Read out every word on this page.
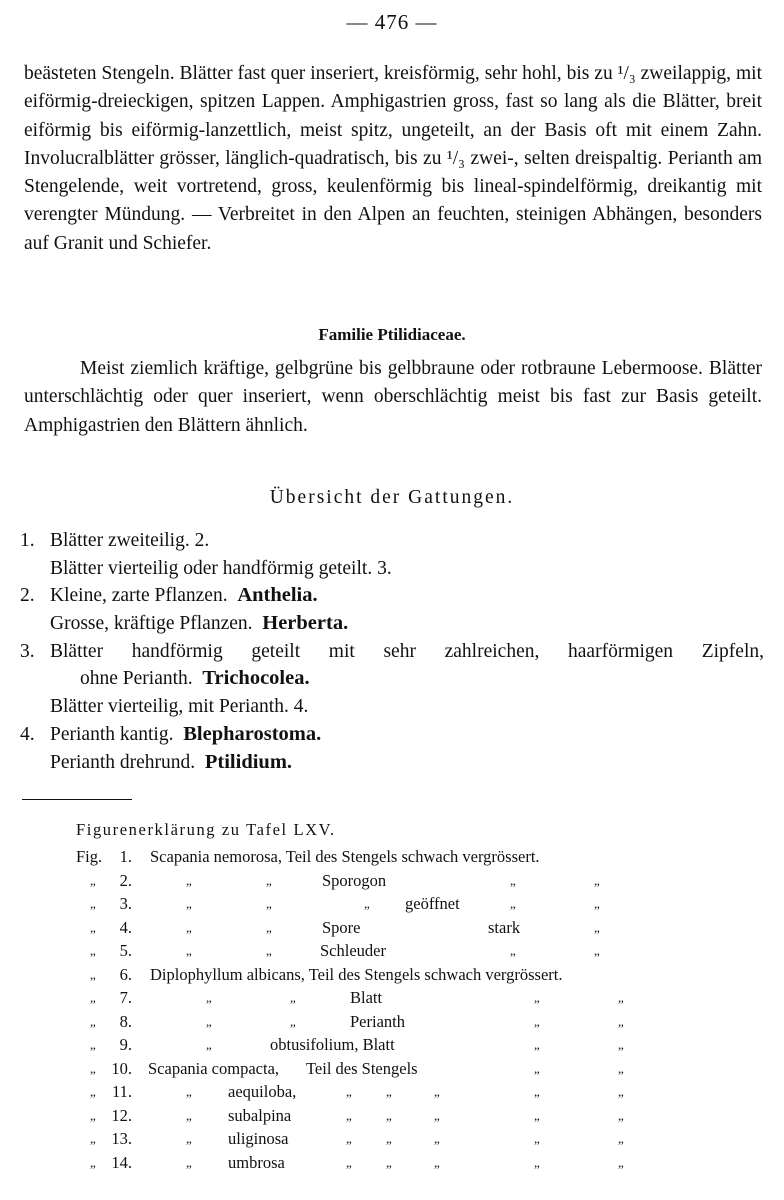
— 476 —

beästeten Stengeln. Blätter fast quer inseriert, kreisförmig, sehr hohl, bis zu ¹/₃ zweilappig, mit eiförmig-dreieckigen, spitzen Lappen. Amphigastrien gross, fast so lang als die Blätter, breit eiförmig bis eiförmig-lanzettlich, meist spitz, ungeteilt, an der Basis oft mit einem Zahn. Involucralblätter grösser, länglich-quadratisch, bis zu ¹/₃ zwei-, selten dreispaltig. Perianth am Stengelende, weit vortretend, gross, keulenförmig bis lineal-spindelförmig, dreikantig mit verengter Mündung. — Verbreitet in den Alpen an feuchten, steinigen Abhängen, besonders auf Granit und Schiefer.

Familie Ptilidiaceae.

Meist ziemlich kräftige, gelbgrüne bis gelbbraune oder rotbraune Lebermoose. Blätter unterschlächtig oder quer inseriert, wenn oberschlächtig meist bis fast zur Basis geteilt. Amphigastrien den Blättern ähnlich.

Übersicht der Gattungen.
1. Blätter zweiteilig. 2.
Blätter vierteilig oder handförmig geteilt. 3.
2. Kleine, zarte Pflanzen. Anthelia.
Grosse, kräftige Pflanzen. Herberta.
3. Blätter handförmig geteilt mit sehr zahlreichen, haarförmigen Zipfeln,
ohne Perianth. Trichocolea.
Blätter vierteilig, mit Perianth. 4.
4. Perianth kantig. Blepharostoma.
Perianth drehrund. Ptilidium.
Figurenerklärung zu Tafel LXV.
Fig.	1. Scapania nemorosa, Teil des Stengels schwach vergrössert.
„	2.	„	„	Sporogon	„	„
„	3.	„	„	„ geöffnet	„	„
„	4.	„	„	Spore	stark	„
„	5.	„	„	Schleuder	„	„
„	6. Diplophyllum albicans, Teil des Stengels schwach vergrössert.
„	7.	„	„	Blatt	„	„
„	8.	„	„	Perianth	„	„
„	9.	„	obtusifolium, Blatt	„	„
„ 10. Scapania compacta, Teil des Stengels	„	„
„ 11.	„ aequiloba,	„	„	„	„	„
„ 12.	„ subalpina	„	„	„	„	„
„ 13.	„ uliginosa	„	„	„	„	„
„ 14.	„ umbrosa	„	„	„	„	„
